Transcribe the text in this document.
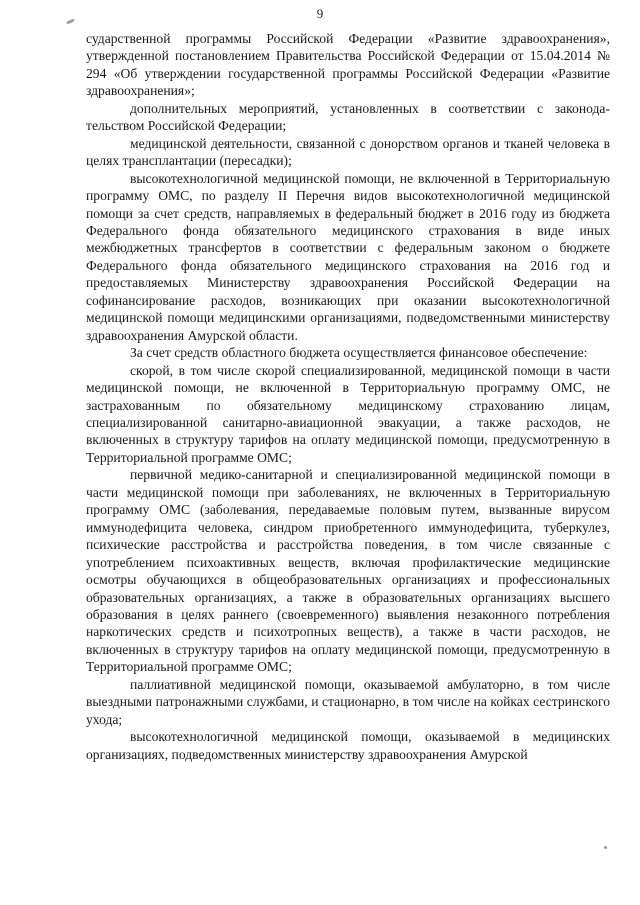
9

сударственной программы Российской Федерации «Развитие здравоохранения», утвержденной постановлением Правительства Российской Федерации от 15.04.2014 № 294 «Об утверждении государственной программы Российской Федерации «Развитие здравоохранения»;

дополнительных мероприятий, установленных в соответствии с законодательством Российской Федерации;

медицинской деятельности, связанной с донорством органов и тканей человека в целях трансплантации (пересадки);

высокотехнологичной медицинской помощи, не включенной в Территориальную программу ОМС, по разделу II Перечня видов высокотехнологичной медицинской помощи за счет средств, направляемых в федеральный бюджет в 2016 году из бюджета Федерального фонда обязательного медицинского страхования в виде иных межбюджетных трансфертов в соответствии с федеральным законом о бюджете Федерального фонда обязательного медицинского страхования на 2016 год и предоставляемых Министерству здравоохранения Российской Федерации на софинансирование расходов, возникающих при оказании высокотехнологичной медицинской помощи медицинскими организациями, подведомственными министерству здравоохранения Амурской области.

За счет средств областного бюджета осуществляется финансовое обеспечение:

скорой, в том числе скорой специализированной, медицинской помощи в части медицинской помощи, не включенной в Территориальную программу ОМС, не застрахованным по обязательному медицинскому страхованию лицам, специализированной санитарно-авиационной эвакуации, а также расходов, не включенных в структуру тарифов на оплату медицинской помощи, предусмотренную в Территориальной программе ОМС;

первичной медико-санитарной и специализированной медицинской помощи в части медицинской помощи при заболеваниях, не включенных в Территориальную программу ОМС (заболевания, передаваемые половым путем, вызванные вирусом иммунодефицита человека, синдром приобретенного иммунодефицита, туберкулез, психические расстройства и расстройства поведения, в том числе связанные с употреблением психоактивных веществ, включая профилактические медицинские осмотры обучающихся в общеобразовательных организациях и профессиональных образовательных организациях, а также в образовательных организациях высшего образования в целях раннего (своевременного) выявления незаконного потребления наркотических средств и психотропных веществ), а также в части расходов, не включенных в структуру тарифов на оплату медицинской помощи, предусмотренную в Территориальной программе ОМС;

паллиативной медицинской помощи, оказываемой амбулаторно, в том числе выездными патронажными службами, и стационарно, в том числе на койках сестринского ухода;

высокотехнологичной медицинской помощи, оказываемой в медицинских организациях, подведомственных министерству здравоохранения Амурской
